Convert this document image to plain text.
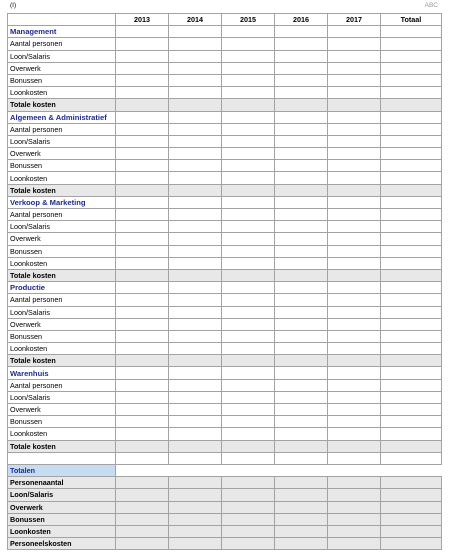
(I)	ABC
	2013	2014	2015	2016	2017	Totaal
Management						
Aantal personen						
Loon/Salaris						
Overwerk						
Bonussen						
Loonkosten						
Totale kosten						
Algemeen & Administratief						
Aantal personen						
Loon/Salaris						
Overwerk						
Bonussen						
Loonkosten						
Totale kosten						
Verkoop & Marketing						
Aantal personen						
Loon/Salaris						
Overwerk						
Bonussen						
Loonkosten						
Totale kosten						
Productie						
Aantal personen						
Loon/Salaris						
Overwerk						
Bonussen						
Loonkosten						
Totale kosten						
Warenhuis						
Aantal personen						
Loon/Salaris						
Overwerk						
Bonussen						
Loonkosten						
Totale kosten						

Totalen						
Personenaantal						
Loon/Salaris						
Overwerk						
Bonussen						
Loonkosten						
Personeelskosten						
